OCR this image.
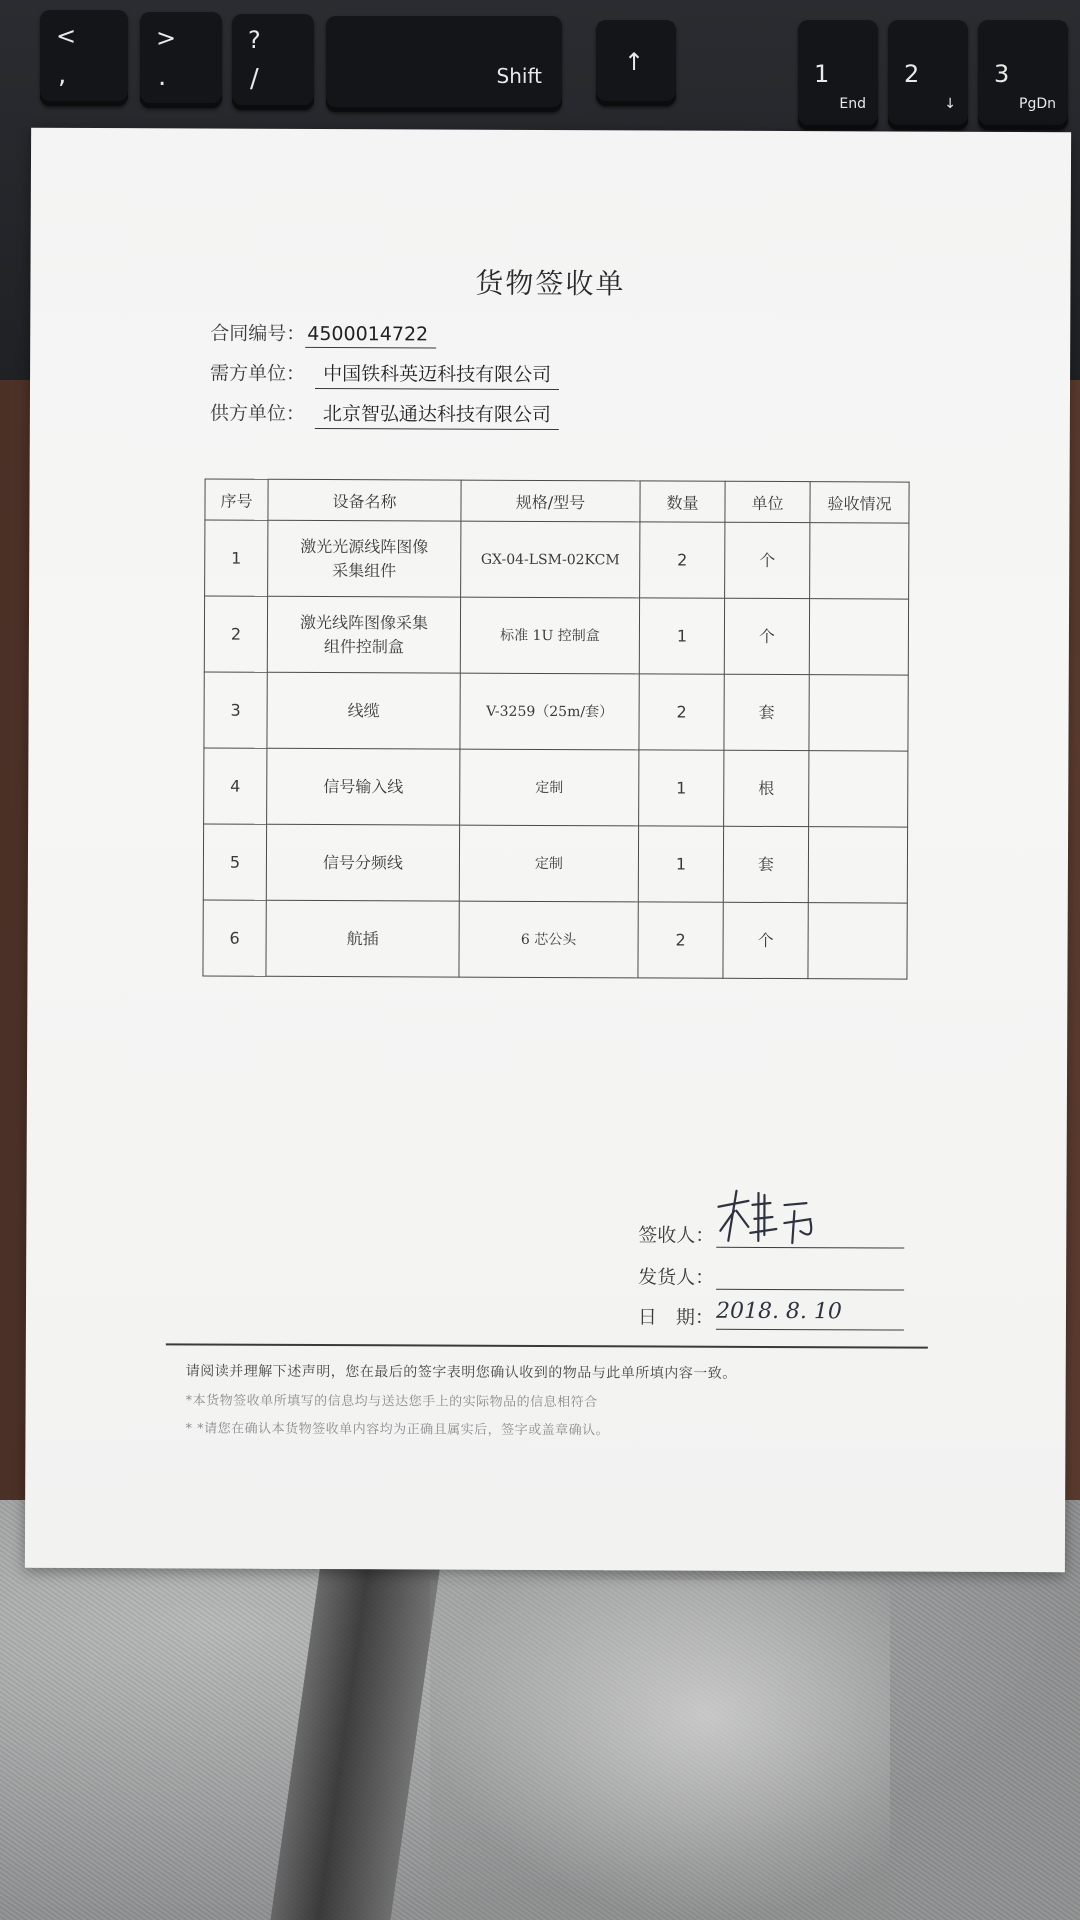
<
,
>
.
?
/	Shift	↑	1
End
2
↓
3
PgDn
货物签收单
合同编号： 4500014722
需方单位： 中国铁科英迈科技有限公司
供方单位： 北京智弘通达科技有限公司
序号	设备名称	规格/型号	数量	单位	验收情况
1	激光光源线阵图像采集组件	GX-04-LSM-02KCM	2	个	
2	激光线阵图像采集组件控制盒	标准 1U 控制盒	1	个	
3	线缆	V-3259（25m/套）	2	套	
4	信号输入线	定制	1	根	
5	信号分频线	定制	1	套	
6	航插	6 芯公头	2	个	
签收人：
发货人：
日　期： 2018. 8. 10
请阅读并理解下述声明，您在最后的签字表明您确认收到的物品与此单所填内容一致。
*本货物签收单所填写的信息均与送达您手上的实际物品的信息相符合
* *请您在确认本货物签收单内容均为正确且属实后，签字或盖章确认。
